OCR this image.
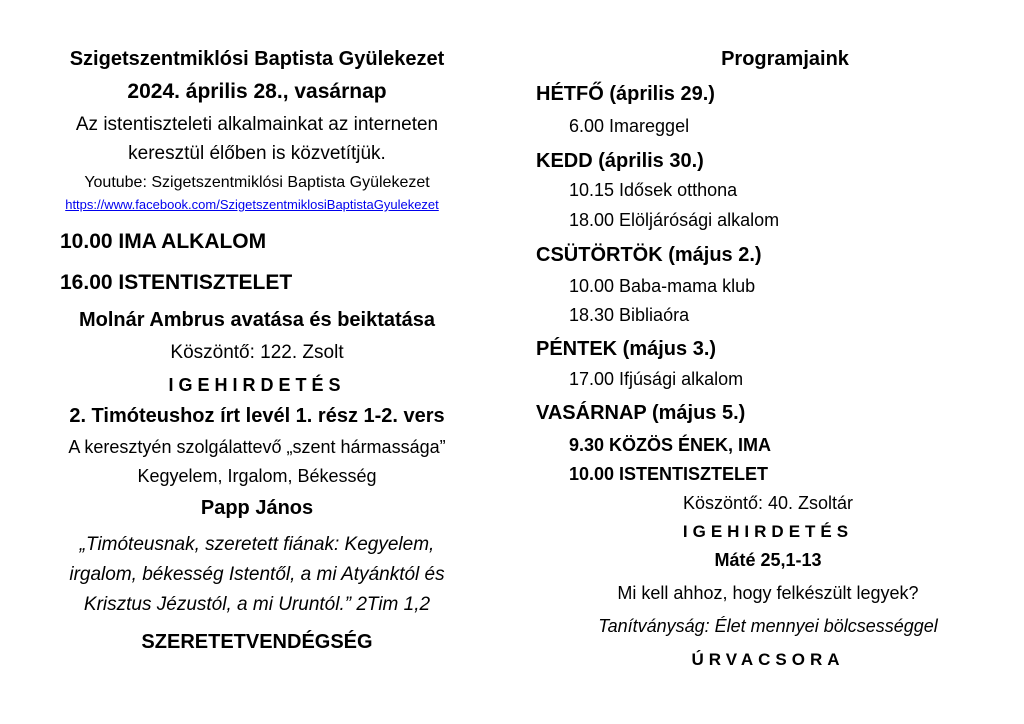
Szigetszentmiklósi Baptista Gyülekezet
2024. április 28., vasárnap
Az istentiszteleti alkalmainkat az interneten
keresztül élőben is közvetítjük.
Youtube: Szigetszentmiklósi Baptista Gyülekezet
https://www.facebook.com/SzigetszentmiklosiBaptistaGyulekezet
10.00 IMA ALKALOM
16.00 ISTENTISZTELET
Molnár Ambrus avatása és beiktatása
Köszöntő: 122. Zsolt
IGEHIRDETÉS
2. Timóteushoz írt levél 1. rész 1-2. vers
A keresztyén szolgálattevő „szent hármassága”
Kegyelem, Irgalom, Békesség
Papp János
„Timóteusnak, szeretett fiának: Kegyelem,
irgalom, békesség Istentől, a mi Atyánktól és
Krisztus Jézustól, a mi Uruntól.” 2Tim 1,2
SZERETETVENDÉGSÉG
Programjaink
HÉTFŐ (április 29.)
6.00 Imareggel
KEDD (április 30.)
10.15 Idősek otthona
18.00 Elöljárósági alkalom
CSÜTÖRTÖK (május 2.)
10.00 Baba-mama klub
18.30 Bibliaóra
PÉNTEK (május 3.)
17.00 Ifjúsági alkalom
VASÁRNAP (május 5.)
9.30 KÖZÖS ÉNEK, IMA
10.00 ISTENTISZTELET
Köszöntő: 40. Zsoltár
IGEHIRDETÉS
Máté 25,1-13
Mi kell ahhoz, hogy felkészült legyek?
Tanítványság: Élet mennyei bölcsességgel
ÚRVACSORA
